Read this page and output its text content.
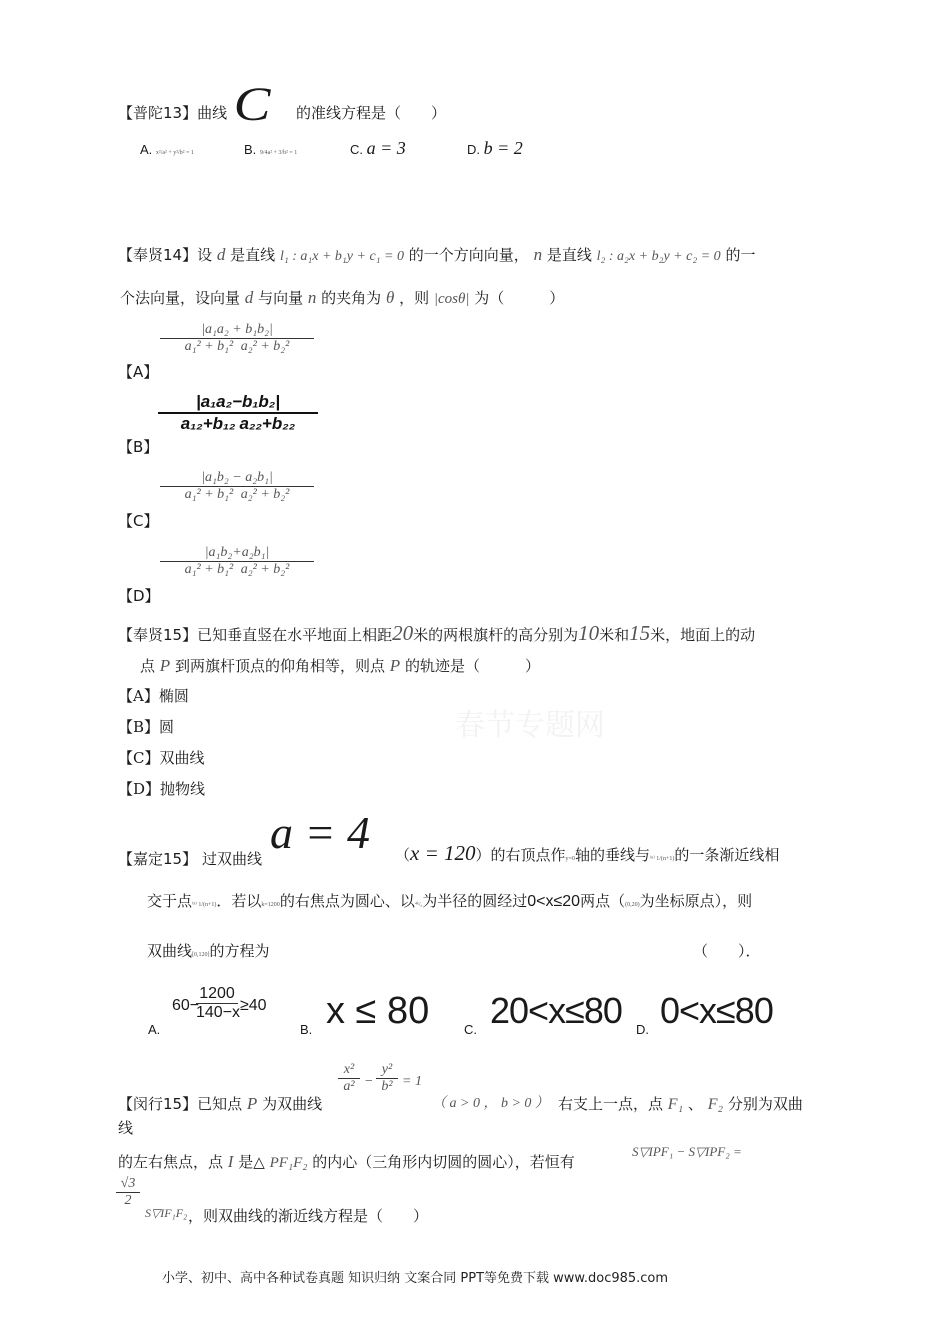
【普陀13】曲线 C 的准线方程是（　　）
A. x²/a² + y²/b² = 1	B. 9/4a² + 3/b² = 1	C. a = 3	D. b = 2
【奉贤14】设 d 是直线 l₁ : a₁x + b₁y + c₁ = 0 的一个方向向量， n 是直线 l₂ : a₂x + b₂y + c₂ = 0 的一
个法向量，设向量 d 与向量 n 的夹角为 θ ，则 |cosθ| 为（　　　）
【A】
|a₁a₂ + b₁b₂|
a₁² + b₁² a₂² + b₂²
【B】
|a₁a₂−b₁b₂|
a₁₂+b₁₂ a₂₂+b₂₂
【C】
|a₁b₂ − a₂b₁|
a₁² + b₁² a₂² + b₂²
【D】
|a₁b₂+a₂b₁|
a₁² + b₁² a₂² + b₂²
【奉贤15】已知垂直竖在水平地面上相距20米的两根旗杆的高分别为10米和15米，地面上的动
点 P 到两旗杆顶点的仰角相等，则点 P 的轨迹是（　　　）
【A】椭圆
【B】圆
【C】双曲线
【D】抛物线
春节专题网
【嘉定15】 过双曲线
a = 4 （x = 120）的右顶点作y=0轴的垂线与⁽ⁿ⁾ 1/(n+1)的一条渐近线相
交于点⁽ⁿ⁾ 1/(n+1)．若以k=1200的右焦点为圆心、以⁴ᵏ/ₓ为半径的圆经过0<x≤20两点（(0,20)为坐标原点），则
双曲线[0,120]的方程为	（　　）．
A.
60−
1200
140−x ≥40
B. x ≤ 80	C. 20<x≤80 D. 0<x≤80
【闵行15】已知点 P 为双曲线
x²
a² −
y²
b² = 1
（ a > 0 ， b > 0 ） 右支上一点，点 F₁ 、 F₂ 分别为双曲
线
的左右焦点，点 I 是△ PF₁F₂ 的内心（三角形内切圆的圆心），若恒有
S▽IPF₁ − S▽IPF₂ =
√3
2
S▽IF₁F₂ ，则双曲线的渐近线方程是（　　）
小学、初中、高中各种试卷真题 知识归纳 文案合同 PPT等免费下载 www.doc985.com
